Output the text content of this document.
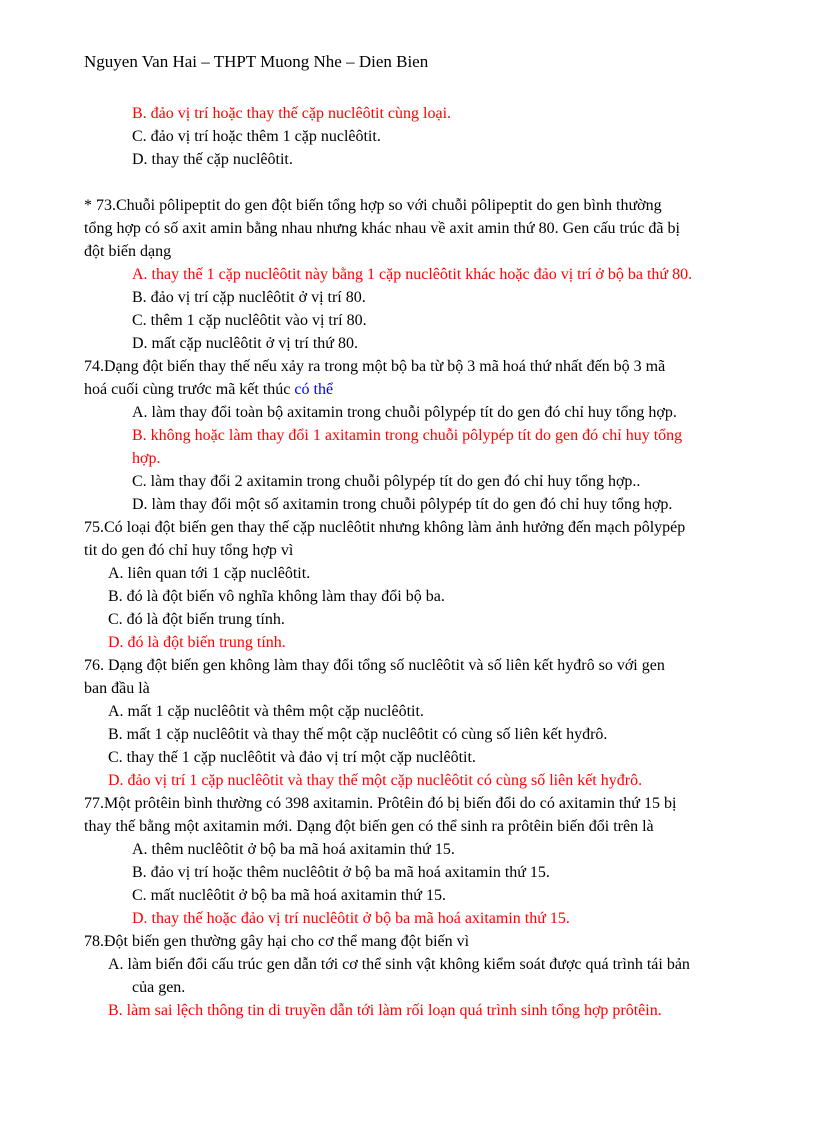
Nguyen Van Hai – THPT Muong Nhe – Dien Bien
B. đảo vị trí hoặc thay thế cặp nuclêôtit cùng loại.
C. đảo vị trí hoặc thêm 1 cặp nuclêôtit.
D. thay thế cặp nuclêôtit.
* 73.Chuỗi pôlipeptit do gen đột biến tổng hợp so với chuỗi pôlipeptit do gen bình thường
tổng hợp có số axit amin bằng nhau nhưng khác nhau về axit amin thứ 80. Gen cấu trúc đã bị
đột biến dạng
A. thay thế 1 cặp nuclêôtit này bằng 1 cặp nuclêôtit khác hoặc đảo vị trí ở bộ ba thứ 80.
B. đảo vị trí cặp nuclêôtit ở vị trí 80.
C. thêm 1 cặp nuclêôtit vào vị trí 80.
D. mất cặp nuclêôtit ở vị trí thứ 80.
74.Dạng đột biến thay thế nếu xảy ra trong một bộ ba từ bộ 3 mã hoá thứ nhất đến bộ 3 mã
hoá cuối cùng trước mã kết thúc có thể
A. làm thay đổi toàn bộ axitamin trong chuỗi pôlypép tít do gen đó chỉ huy tổng hợp.
B. không hoặc làm thay đổi 1 axitamin trong chuỗi pôlypép tít do gen đó chỉ huy tổng
hợp.
C. làm thay đổi 2 axitamin trong chuỗi pôlypép tít do gen đó chỉ huy tổng hợp..
D. làm thay đổi một số axitamin trong chuỗi pôlypép tít do gen đó chỉ huy tổng hợp.
75.Có loại đột biến gen thay thế cặp nuclêôtit nhưng không làm ảnh hưởng đến mạch pôlypép
tit do gen đó chỉ huy tổng hợp vì
A. liên quan tới 1 cặp nuclêôtit.
B. đó là đột biến vô nghĩa không làm thay đổi bộ ba.
C. đó là đột biến trung tính.
D. đó là đột biến trung tính.
76. Dạng đột biến gen không làm thay đổi tổng số nuclêôtit và số liên kết hyđrô so với gen
ban đầu là
A. mất 1 cặp nuclêôtit và thêm một cặp nuclêôtit.
B. mất 1 cặp nuclêôtit và thay thế một cặp nuclêôtit có cùng số liên kết hyđrô.
C. thay thế 1 cặp nuclêôtit và đảo vị trí một cặp nuclêôtit.
D. đảo vị trí 1 cặp nuclêôtit và thay thế một cặp nuclêôtit có cùng số liên kết hyđrô.
77.Một prôtêin bình thường có 398 axitamin. Prôtêin đó bị biến đổi do có axitamin thứ 15 bị
thay thế bằng một axitamin mới. Dạng đột biến gen có thể sinh ra prôtêin biến đổi trên là
A. thêm nuclêôtit ở bộ ba mã hoá axitamin thứ 15.
B. đảo vị trí hoặc thêm nuclêôtit ở bộ ba mã hoá axitamin thứ 15.
C. mất nuclêôtit ở bộ ba mã hoá axitamin thứ 15.
D. thay thế hoặc đảo vị trí nuclêôtit ở bộ ba mã hoá axitamin thứ 15.
78.Đột biến gen thường gây hại cho cơ thể mang đột biến vì
A. làm biến đổi cấu trúc gen dẫn tới cơ thể sinh vật không kiểm soát được quá trình tái bản
của gen.
B. làm sai lệch thông tin di truyền dẫn tới làm rối loạn quá trình sinh tổng hợp prôtêin.
